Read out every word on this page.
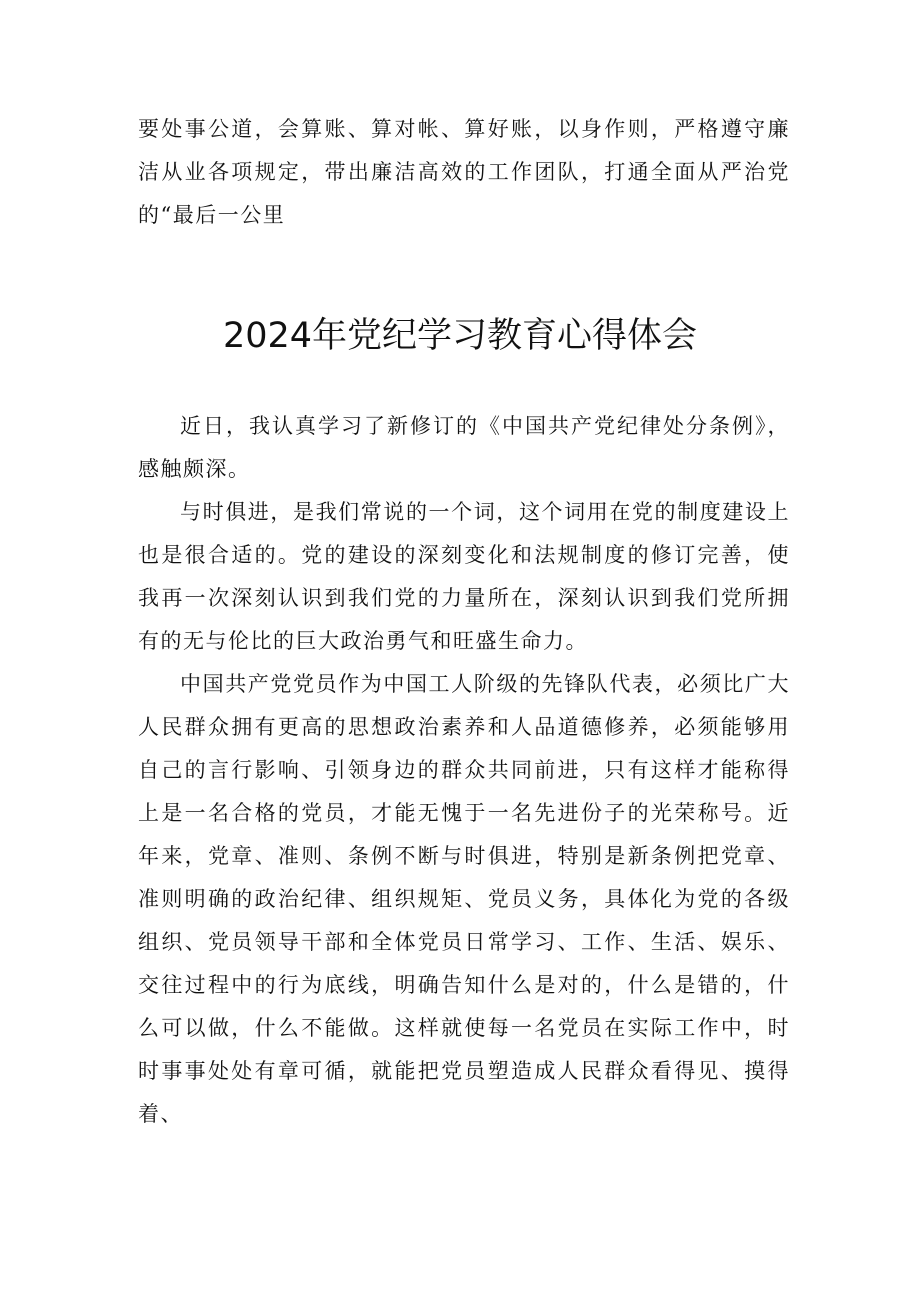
要处事公道，会算账、算对帐、算好账，以身作则，严格遵守廉洁从业各项规定，带出廉洁高效的工作团队，打通全面从严治党的“最后一公里

2024年党纪学习教育心得体会

近日，我认真学习了新修订的《中国共产党纪律处分条例》，感触颇深。

与时俱进，是我们常说的一个词，这个词用在党的制度建设上也是很合适的。党的建设的深刻变化和法规制度的修订完善，使我再一次深刻认识到我们党的力量所在，深刻认识到我们党所拥有的无与伦比的巨大政治勇气和旺盛生命力。

中国共产党党员作为中国工人阶级的先锋队代表，必须比广大人民群众拥有更高的思想政治素养和人品道德修养，必须能够用自己的言行影响、引领身边的群众共同前进，只有这样才能称得上是一名合格的党员，才能无愧于一名先进份子的光荣称号。近年来，党章、准则、条例不断与时俱进，特别是新条例把党章、准则明确的政治纪律、组织规矩、党员义务，具体化为党的各级组织、党员领导干部和全体党员日常学习、工作、生活、娱乐、交往过程中的行为底线，明确告知什么是对的，什么是错的，什么可以做，什么不能做。这样就使每一名党员在实际工作中，时时事事处处有章可循，就能把党员塑造成人民群众看得见、摸得着、
